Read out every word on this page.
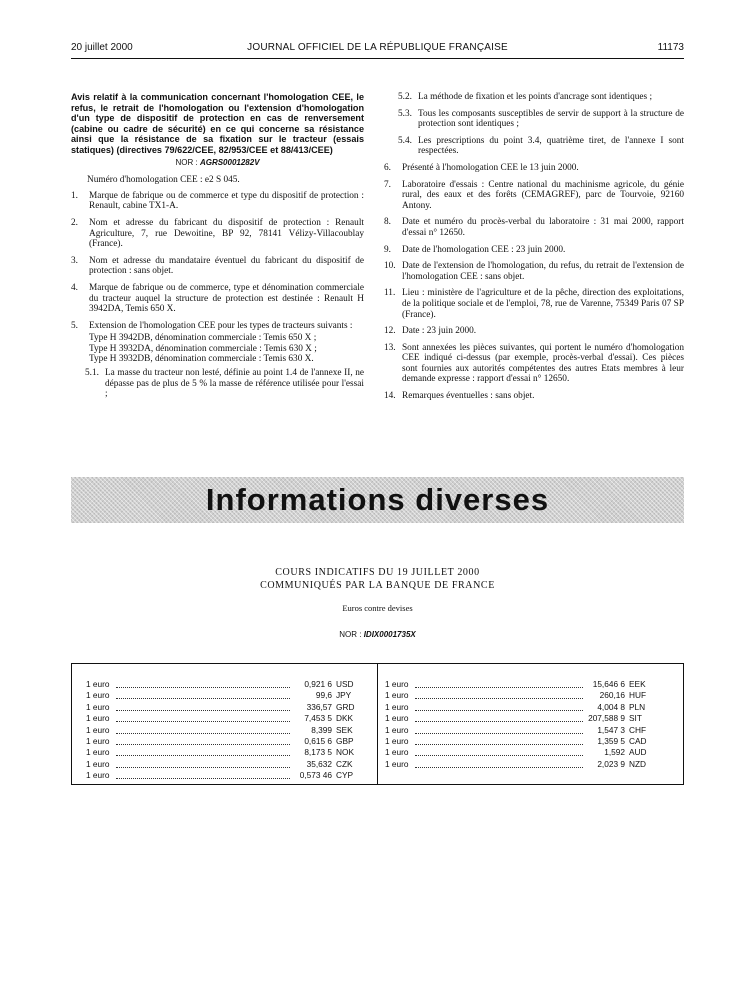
20 juillet 2000	JOURNAL OFFICIEL DE LA RÉPUBLIQUE FRANÇAISE	11173
Avis relatif à la communication concernant l'homologation CEE, le refus, le retrait de l'homologation ou l'extension d'homologation d'un type de dispositif de protection en cas de renversement (cabine ou cadre de sécurité) en ce qui concerne sa résistance ainsi que la résistance de sa fixation sur le tracteur (essais statiques) (directives 79/622/CEE, 82/953/CEE et 88/413/CEE)
NOR : AGRS0001282V
Numéro d'homologation CEE : e2 S 045.
1. Marque de fabrique ou de commerce et type du dispositif de protection : Renault, cabine TX1-A.
2. Nom et adresse du fabricant du dispositif de protection : Renault Agriculture, 7, rue Dewoitine, BP 92, 78141 Vélizy-Villacoublay (France).
3. Nom et adresse du mandataire éventuel du fabricant du dispositif de protection : sans objet.
4. Marque de fabrique ou de commerce, type et dénomination commerciale du tracteur auquel la structure de protection est destinée : Renault H 3942DA, Temis 650 X.
5. Extension de l'homologation CEE pour les types de tracteurs suivants :
Type H 3942DB, dénomination commerciale : Temis 650 X ;
Type H 3932DA, dénomination commerciale : Temis 630 X ;
Type H 3932DB, dénomination commerciale : Temis 630 X.
5.1. La masse du tracteur non lesté, définie au point 1.4 de l'annexe II, ne dépasse pas de plus de 5 % la masse de référence utilisée pour l'essai ;
5.2. La méthode de fixation et les points d'ancrage sont identiques ;
5.3. Tous les composants susceptibles de servir de support à la structure de protection sont identiques ;
5.4. Les prescriptions du point 3.4, quatrième tiret, de l'annexe I sont respectées.
6. Présenté à l'homologation CEE le 13 juin 2000.
7. Laboratoire d'essais : Centre national du machinisme agricole, du génie rural, des eaux et des forêts (CEMAGREF), parc de Tourvoie, 92160 Antony.
8. Date et numéro du procès-verbal du laboratoire : 31 mai 2000, rapport d'essai n° 12650.
9. Date de l'homologation CEE : 23 juin 2000.
10. Date de l'extension de l'homologation, du refus, du retrait de l'extension de l'homologation CEE : sans objet.
11. Lieu : ministère de l'agriculture et de la pêche, direction des exploitations, de la politique sociale et de l'emploi, 78, rue de Varenne, 75349 Paris 07 SP (France).
12. Date : 23 juin 2000.
13. Sont annexées les pièces suivantes, qui portent le numéro d'homologation CEE indiqué ci-dessus (par exemple, procès-verbal d'essai). Ces pièces sont fournies aux autorités compétentes des autres Etats membres à leur demande expresse : rapport d'essai n° 12650.
14. Remarques éventuelles : sans objet.
Informations diverses
COURS INDICATIFS DU 19 JUILLET 2000
COMMUNIQUÉS PAR LA BANQUE DE FRANCE
Euros contre devises
NOR : IDIX0001735X
1 euro	0,921 6 USD
1 euro	99,6 JPY
1 euro	336,57 GRD
1 euro	7,453 5 DKK
1 euro	8,399 SEK
1 euro	0,615 6 GBP
1 euro	8,173 5 NOK
1 euro	35,632 CZK
1 euro	0,573 46 CYP
1 euro	15,646 6 EEK
1 euro	260,16 HUF
1 euro	4,004 8 PLN
1 euro	207,588 9 SIT
1 euro	1,547 3 CHF
1 euro	1,359 5 CAD
1 euro	1,592 AUD
1 euro	2,023 9 NZD
